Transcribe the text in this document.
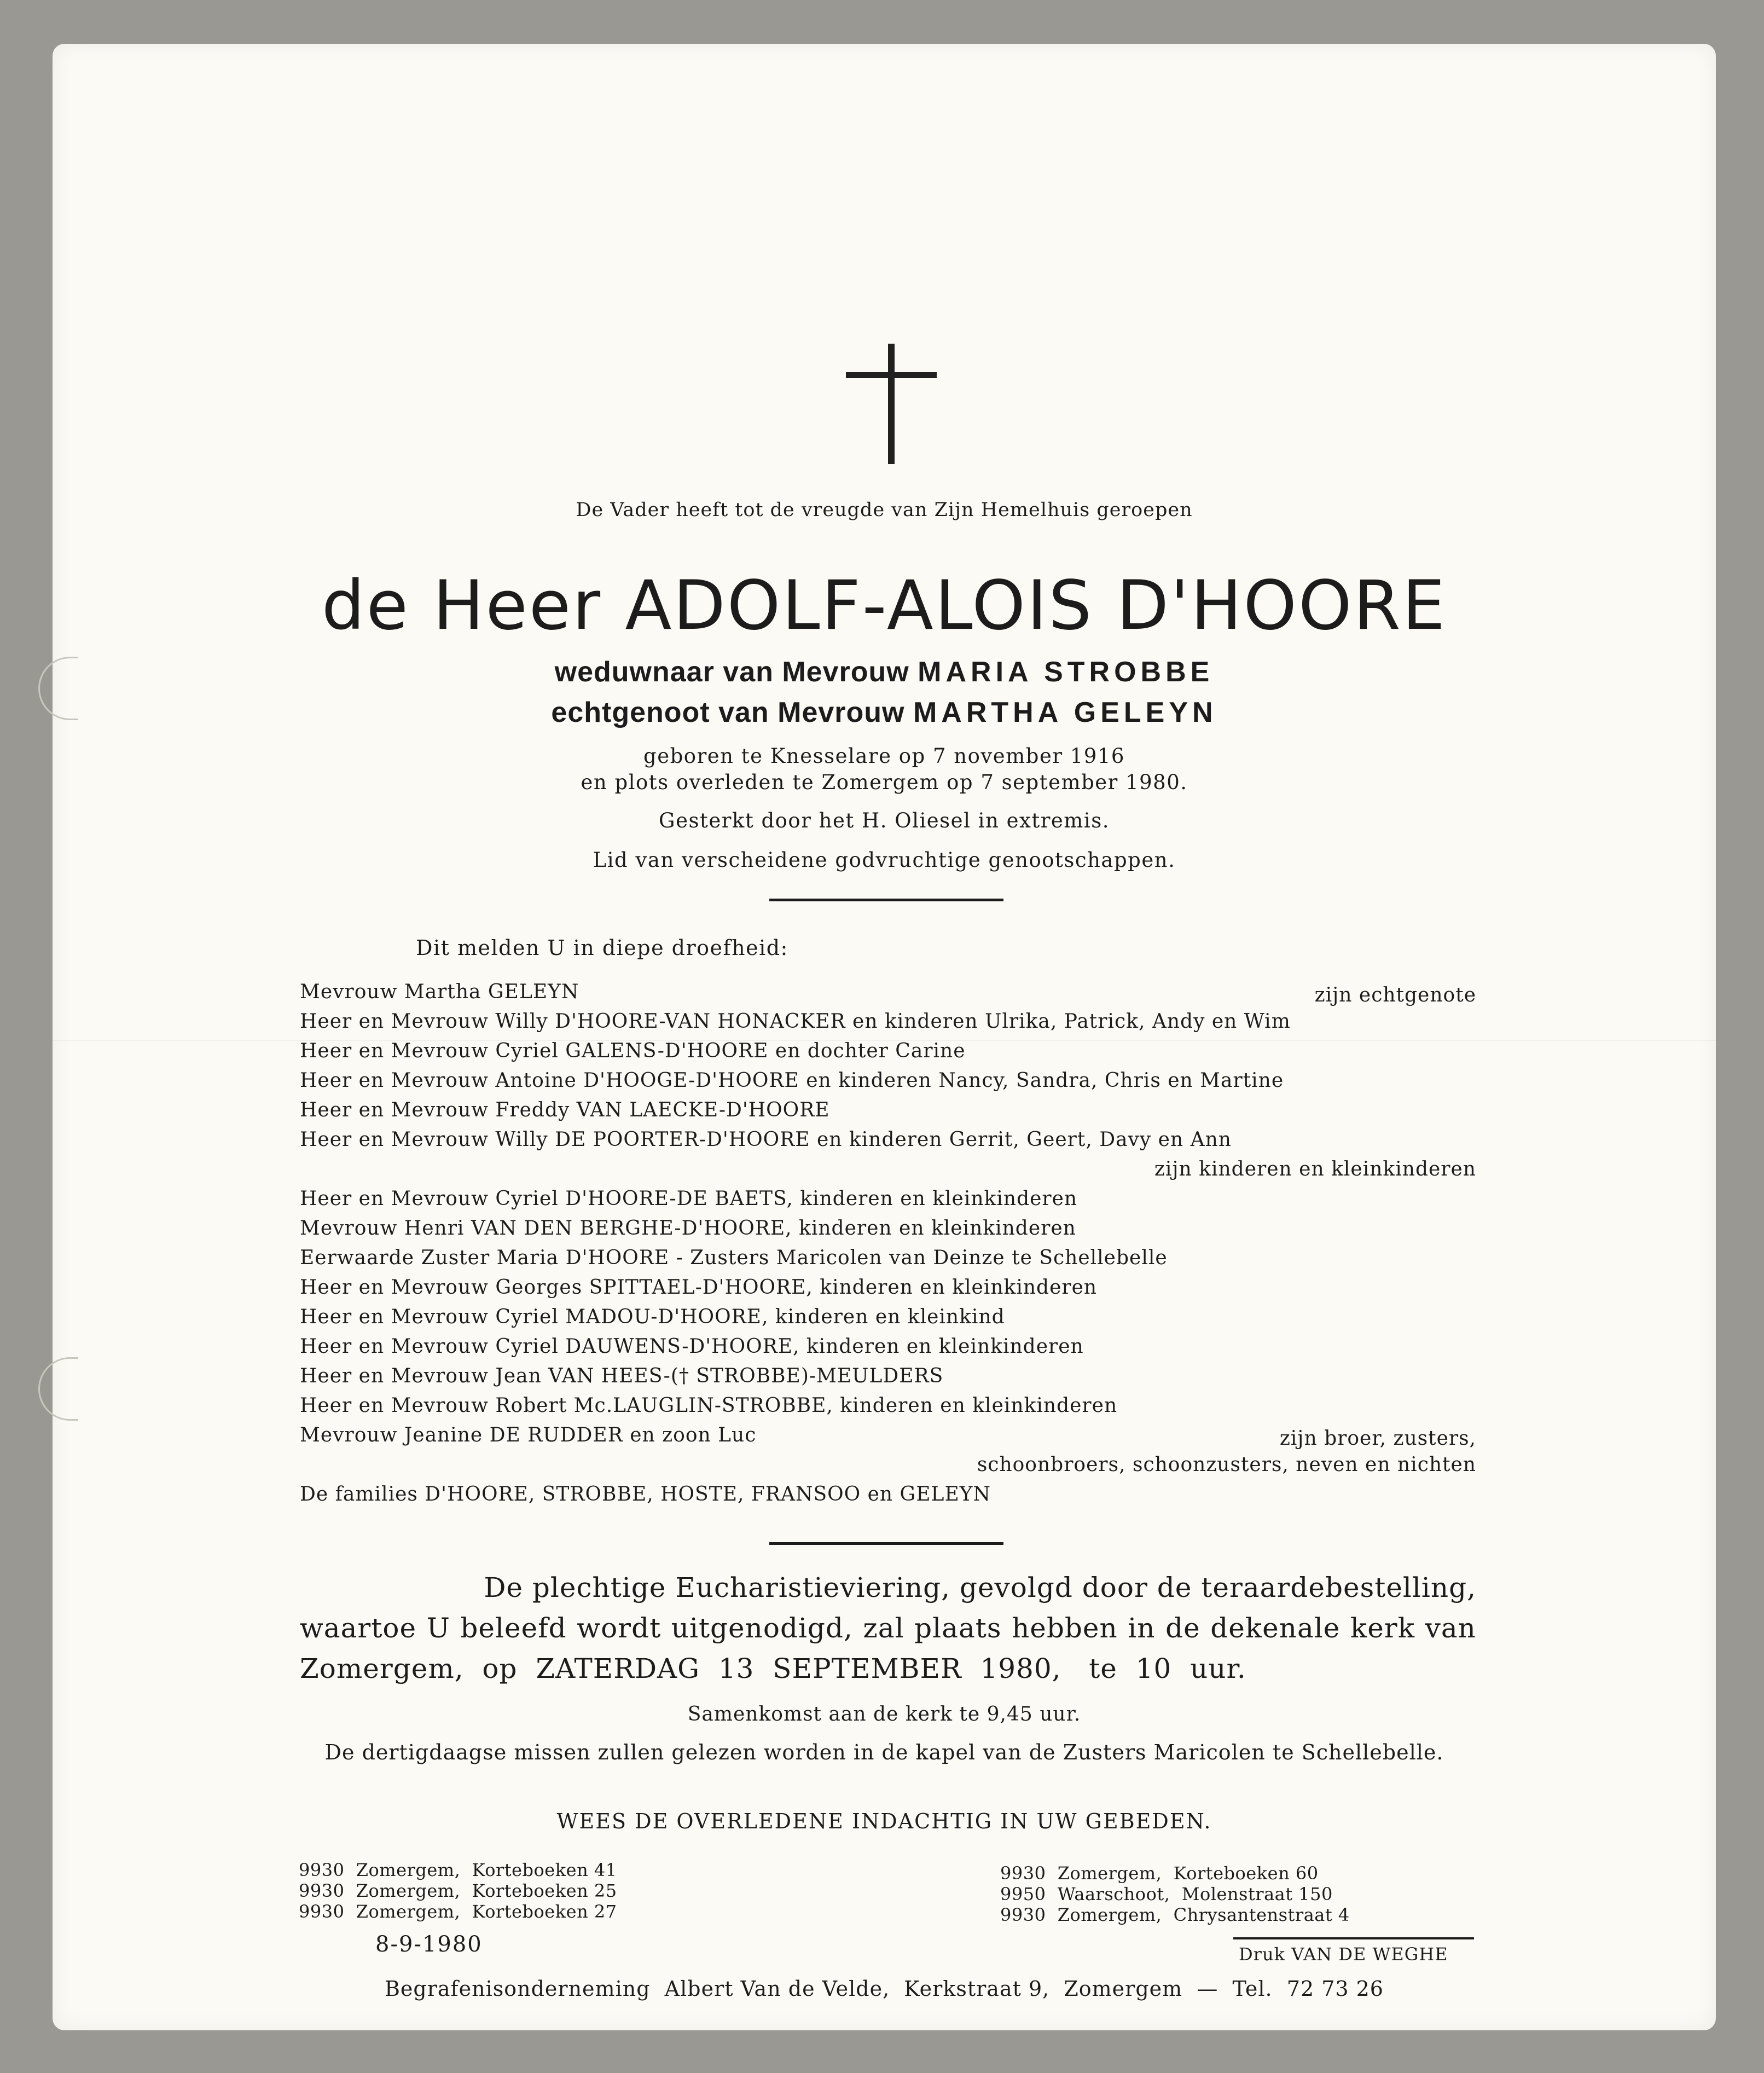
De Vader heeft tot de vreugde van Zijn Hemelhuis geroepen
de Heer ADOLF-ALOIS D'HOORE
weduwnaar van Mevrouw MARIA STROBBE
echtgenoot van Mevrouw MARTHA GELEYN
geboren te Knesselare op 7 november 1916
en plots overleden te Zomergem op 7 september 1980.
Gesterkt door het H. Oliesel in extremis.
Lid van verscheidene godvruchtige genootschappen.
Dit melden U in diepe droefheid:
Mevrouw Martha GELEYN	zijn echtgenote
Heer en Mevrouw Willy D'HOORE-VAN HONACKER en kinderen Ulrika, Patrick, Andy en Wim
Heer en Mevrouw Cyriel GALENS-D'HOORE en dochter Carine
Heer en Mevrouw Antoine D'HOOGE-D'HOORE en kinderen Nancy, Sandra, Chris en Martine
Heer en Mevrouw Freddy VAN LAECKE-D'HOORE
Heer en Mevrouw Willy DE POORTER-D'HOORE en kinderen Gerrit, Geert, Davy en Ann
zijn kinderen en kleinkinderen
Heer en Mevrouw Cyriel D'HOORE-DE BAETS, kinderen en kleinkinderen
Mevrouw Henri VAN DEN BERGHE-D'HOORE, kinderen en kleinkinderen
Eerwaarde Zuster Maria D'HOORE - Zusters Maricolen van Deinze te Schellebelle
Heer en Mevrouw Georges SPITTAEL-D'HOORE, kinderen en kleinkinderen
Heer en Mevrouw Cyriel MADOU-D'HOORE, kinderen en kleinkind
Heer en Mevrouw Cyriel DAUWENS-D'HOORE, kinderen en kleinkinderen
Heer en Mevrouw Jean VAN HEES-(† STROBBE)-MEULDERS
Heer en Mevrouw Robert Mc.LAUGLIN-STROBBE, kinderen en kleinkinderen
Mevrouw Jeanine DE RUDDER en zoon Luc	zijn broer, zusters,
schoonbroers, schoonzusters, neven en nichten
De families D'HOORE, STROBBE, HOSTE, FRANSOO en GELEYN
De plechtige Eucharistieviering, gevolgd door de teraardebestelling,
waartoe U beleefd wordt uitgenodigd, zal plaats hebben in de dekenale kerk van
Zomergem,  op  ZATERDAG  13  SEPTEMBER  1980,   te  10  uur.
Samenkomst aan de kerk te 9,45 uur.
De dertigdaagse missen zullen gelezen worden in de kapel van de Zusters Maricolen te Schellebelle.
WEES DE OVERLEDENE INDACHTIG IN UW GEBEDEN.
9930  Zomergem,  Korteboeken 41
9930  Zomergem,  Korteboeken 25
9930  Zomergem,  Korteboeken 27
9930  Zomergem,  Korteboeken 60
9950  Waarschoot,  Molenstraat 150
9930  Zomergem,  Chrysantenstraat 4
8-9-1980	Druk VAN DE WEGHE
Begrafenisonderneming  Albert Van de Velde,  Kerkstraat 9,  Zomergem  —  Tel.  72 73 26
